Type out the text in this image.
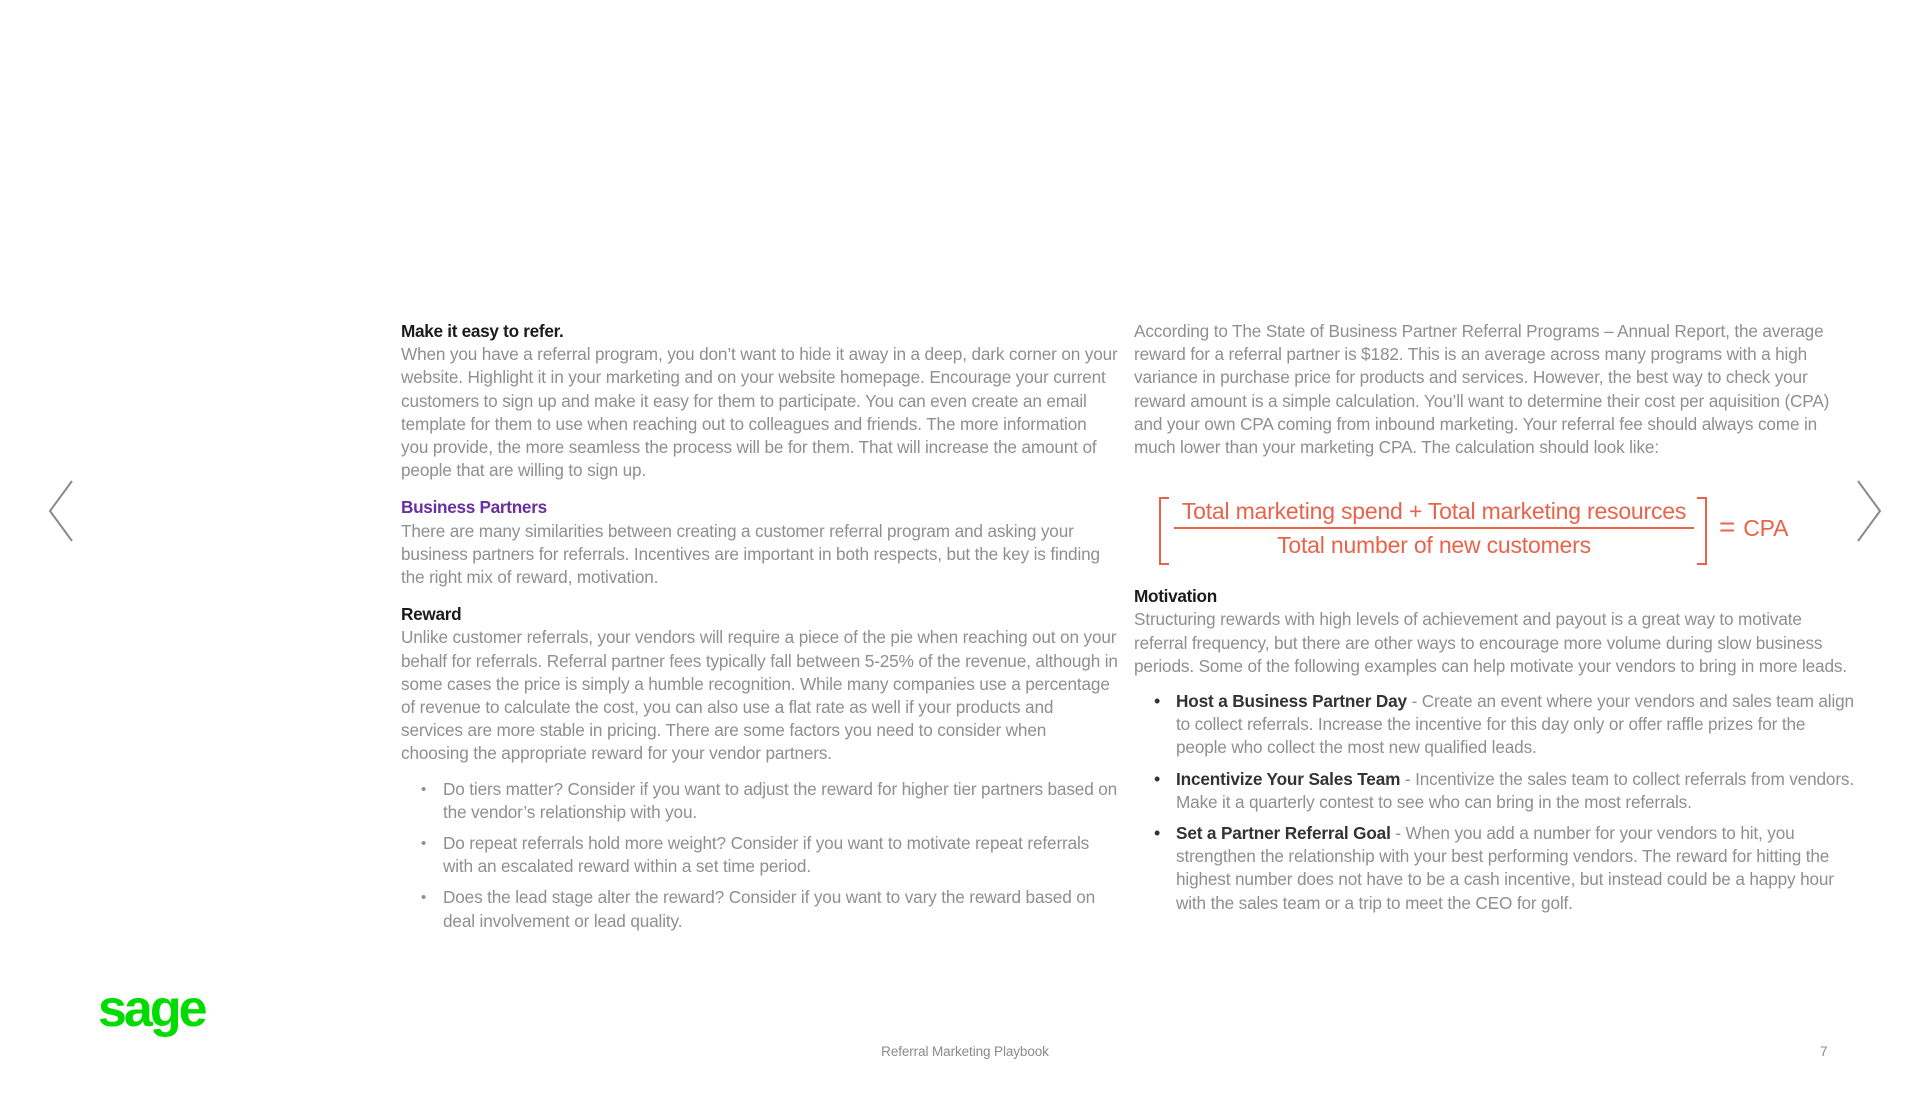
Make it easy to refer.

When you have a referral program, you don’t want to hide it away in a deep, dark corner on your website. Highlight it in your marketing and on your website homepage. Encourage your current customers to sign up and make it easy for them to participate. You can even create an email template for them to use when reaching out to colleagues and friends. The more information you provide, the more seamless the process will be for them. That will increase the amount of people that are willing to sign up.

Business Partners

There are many similarities between creating a customer referral program and asking your business partners for referrals. Incentives are important in both respects, but the key is finding the right mix of reward, motivation.

Reward

Unlike customer referrals, your vendors will require a piece of the pie when reaching out on your behalf for referrals. Referral partner fees typically fall between 5-25% of the revenue, although in some cases the price is simply a humble recognition. While many companies use a percentage of revenue to calculate the cost, you can also use a flat rate as well if your products and services are more stable in pricing. There are some factors you need to consider when choosing the appropriate reward for your vendor partners.

• Do tiers matter? Consider if you want to adjust the reward for higher tier partners based on the vendor’s relationship with you.
• Do repeat referrals hold more weight? Consider if you want to motivate repeat referrals with an escalated reward within a set time period.
• Does the lead stage alter the reward? Consider if you want to vary the reward based on deal involvement or lead quality.

According to The State of Business Partner Referral Programs – Annual Report, the average reward for a referral partner is $182. This is an average across many programs with a high variance in purchase price for products and services. However, the best way to check your reward amount is a simple calculation. You’ll want to determine their cost per aquisition (CPA) and your own CPA coming from inbound marketing. Your referral fee should always come in much lower than your marketing CPA. The calculation should look like:

Total marketing spend + Total marketing resources
Total number of new customers
= CPA

Motivation

Structuring rewards with high levels of achievement and payout is a great way to motivate referral frequency, but there are other ways to encourage more volume during slow business periods. Some of the following examples can help motivate your vendors to bring in more leads.

• Host a Business Partner Day - Create an event where your vendors and sales team align to collect referrals. Increase the incentive for this day only or offer raffle prizes for the people who collect the most new qualified leads.
• Incentivize Your Sales Team - Incentivize the sales team to collect referrals from vendors. Make it a quarterly contest to see who can bring in the most referrals.
• Set a Partner Referral Goal - When you add a number for your vendors to hit, you strengthen the relationship with your best performing vendors. The reward for hitting the highest number does not have to be a cash incentive, but instead could be a happy hour with the sales team or a trip to meet the CEO for golf.
sage
Referral Marketing Playbook	7
